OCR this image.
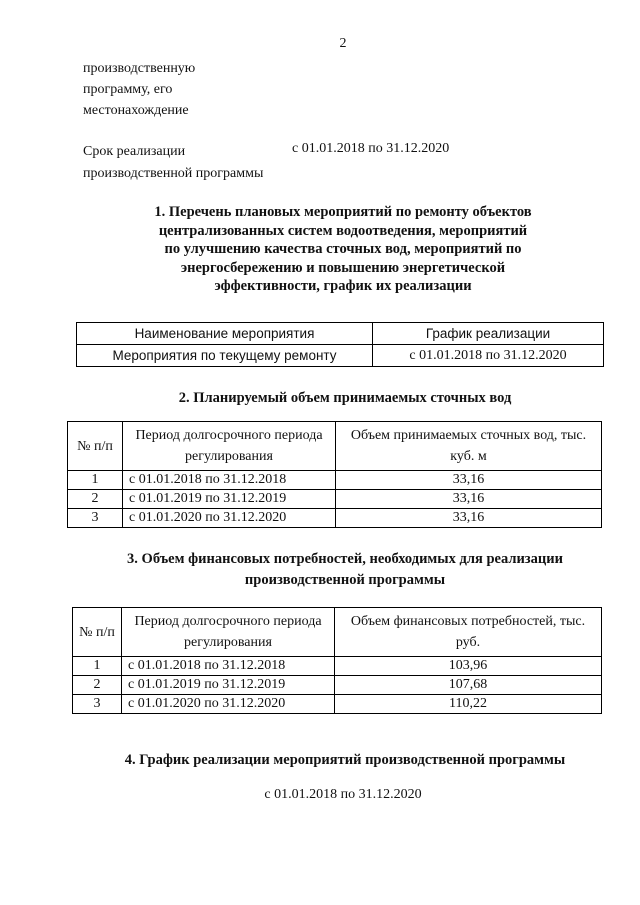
2
производственную
программу, его
местонахождение
Срок реализации
производственной программы
с 01.01.2018 по 31.12.2020
1. Перечень плановых мероприятий по ремонту объектов
централизованных систем водоотведения, мероприятий
по улучшению качества сточных вод, мероприятий по
энергосбережению и повышению энергетической
эффективности, график их реализации
Наименование мероприятия	График реализации
Мероприятия по текущему ремонту	с 01.01.2018 по 31.12.2020
2. Планируемый объем принимаемых сточных вод
№ п/п	Период долгосрочного периода регулирования	Объем принимаемых сточных вод, тыс. куб. м
1	с 01.01.2018 по 31.12.2018	33,16
2	с 01.01.2019 по 31.12.2019	33,16
3	с 01.01.2020 по 31.12.2020	33,16
3. Объем финансовых потребностей, необходимых для реализации
производственной программы
№ п/п	Период долгосрочного периода регулирования	Объем финансовых потребностей, тыс. руб.
1	с 01.01.2018 по 31.12.2018	103,96
2	с 01.01.2019 по 31.12.2019	107,68
3	с 01.01.2020 по 31.12.2020	110,22
4. График реализации мероприятий производственной программы
с 01.01.2018 по 31.12.2020
